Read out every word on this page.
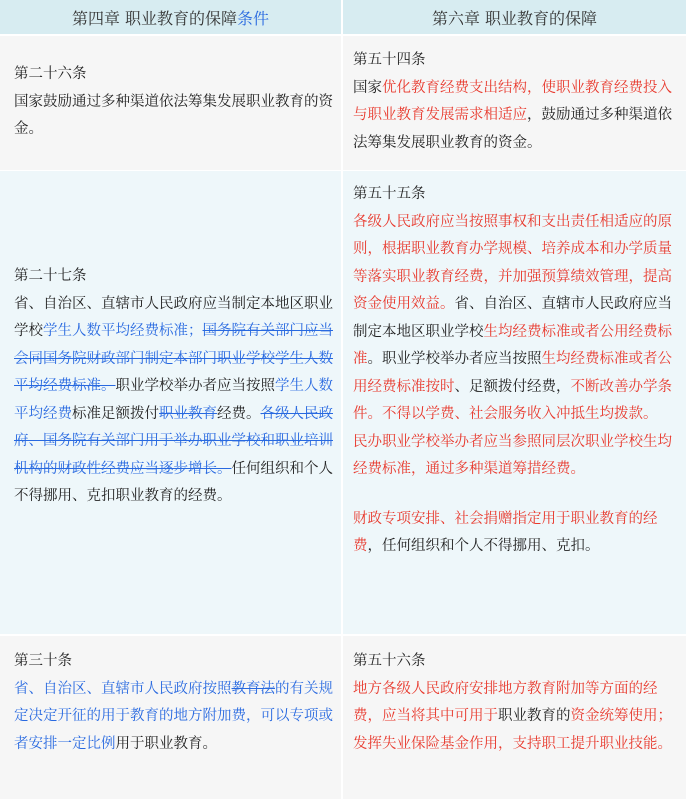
第四章 职业教育的保障 条件	第六章 职业教育的保障
第二十六条
国家鼓励通过多种渠道依法筹集发展职业教育的资金。
第五十四条
国家优化教育经费支出结构，使职业教育经费投入与职业教育发展需求相适应，鼓励通过多种渠道依法筹集发展职业教育的资金。
第二十七条
省、自治区、直辖市人民政府应当制定本地区职业学校学生人数平均经费标准；国务院有关部门应当会同国务院财政部门制定本部门职业学校学生人数平均经费标准。职业学校举办者应当按照学生人数平均经费标准足额拨付职业教育经费。各级人民政府、国务院有关部门用于举办职业学校和职业培训机构的财政性经费应当逐步增长。任何组织和个人不得挪用、克扣职业教育的经费。
第五十五条
各级人民政府应当按照事权和支出责任相适应的原则，根据职业教育办学规模、培养成本和办学质量等落实职业教育经费，并加强预算绩效管理，提高资金使用效益。省、自治区、直辖市人民政府应当制定本地区职业学校生均经费标准或者公用经费标准。职业学校举办者应当按照生均经费标准或者公用经费标准按时、足额拨付经费，不断改善办学条件。不得以学费、社会服务收入冲抵生均拨款。
民办职业学校举办者应当参照同层次职业学校生均经费标准，通过多种渠道筹措经费。
财政专项安排、社会捐赠指定用于职业教育的经费，任何组织和个人不得挪用、克扣。
第三十条
省、自治区、直辖市人民政府按照教育法的有关规定决定开征的用于教育的地方附加费，可以专项或者安排一定比例用于职业教育。
第五十六条
地方各级人民政府安排地方教育附加等方面的经费，应当将其中可用于职业教育的资金统筹使用；发挥失业保险基金作用，支持职工提升职业技能。
